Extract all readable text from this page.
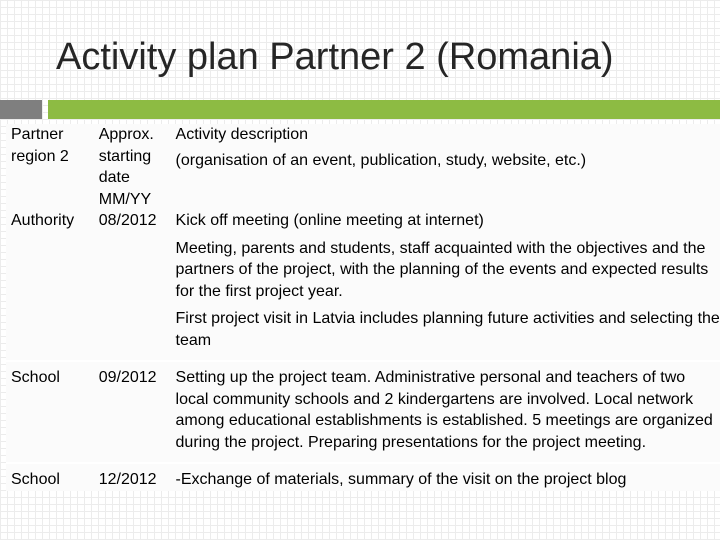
Activity plan Partner 2 (Romania)
Partner region 2	Approx. starting date MM/YY	Activity description
(organisation of an event, publication, study, website, etc.)
Authority	08/2012	Kick off meeting (online meeting at internet)
Meeting, parents and students, staff acquainted with the objectives and the partners of the project, with the planning of the events and expected results for the first project year.
First project visit in Latvia includes planning future activities and selecting the team

School	09/2012	Setting up the project team. Administrative personal and teachers of two local community schools and 2 kindergartens are involved. Local network among educational establishments is established. 5 meetings are organized during the project. Preparing presentations for the project meeting.

School	12/2012	-Exchange of materials, summary of the visit on the project blog
